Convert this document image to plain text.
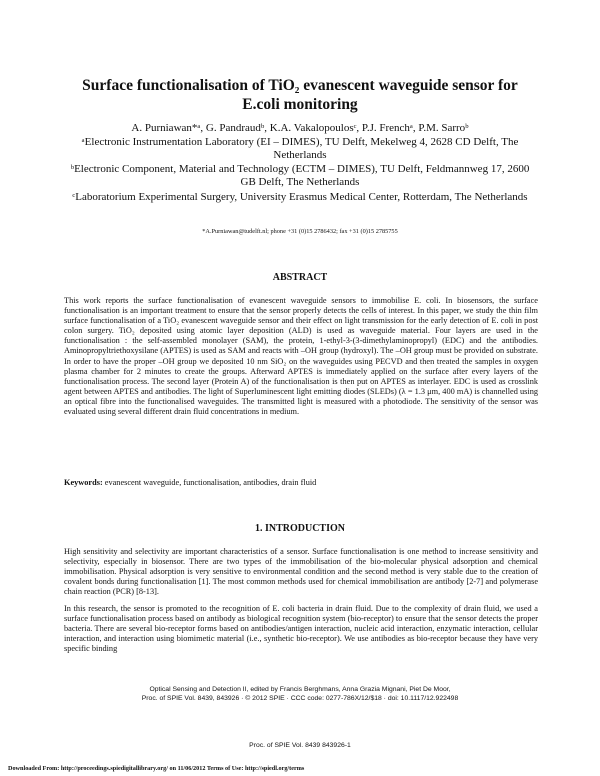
Surface functionalisation of TiO₂ evanescent waveguide sensor for
E.coli monitoring
A. Purniawan*ᵃ, G. Pandraudᵇ, K.A. Vakalopoulosᶜ, P.J. Frenchᵃ, P.M. Sarroᵇ
ᵃElectronic Instrumentation Laboratory (EI – DIMES), TU Delft, Mekelweg 4, 2628 CD Delft, The Netherlands
ᵇElectronic Component, Material and Technology (ECTM – DIMES), TU Delft, Feldmannweg 17, 2600 GB Delft, The Netherlands
ᶜLaboratorium Experimental Surgery, University Erasmus Medical Center, Rotterdam, The Netherlands
*A.Purniawan@tudelft.nl; phone +31 (0)15 2786432; fax +31 (0)15 2785755
ABSTRACT
This work reports the surface functionalisation of evanescent waveguide sensors to immobilise E. coli. In biosensors, the surface functionalisation is an important treatment to ensure that the sensor properly detects the cells of interest. In this paper, we study the thin film surface functionalisation of a TiO₂ evanescent waveguide sensor and their effect on light transmission for the early detection of E. coli in post colon surgery. TiO₂ deposited using atomic layer deposition (ALD) is used as waveguide material. Four layers are used in the functionalisation : the self-assembled monolayer (SAM), the protein, 1-ethyl-3-(3-dimethylaminopropyl) (EDC) and the antibodies. Aminopropyltriethoxysilane (APTES) is used as SAM and reacts with –OH group (hydroxyl). The –OH group must be provided on substrate. In order to have the proper –OH group we deposited 10 nm SiO₂ on the waveguides using PECVD and then treated the samples in oxygen plasma chamber for 2 minutes to create the groups. Afterward APTES is immediately applied on the surface after every layers of the functionalisation process. The second layer (Protein A) of the functionalisation is then put on APTES as interlayer. EDC is used as crosslink agent between APTES and antibodies. The light of Superluminescent light emitting diodes (SLEDs) (λ = 1.3 μm, 400 mA) is channelled using an optical fibre into the functionalised waveguides. The transmitted light is measured with a photodiode. The sensitivity of the sensor was evaluated using several different drain fluid concentrations in medium.
Keywords: evanescent waveguide, functionalisation, antibodies, drain fluid
1. INTRODUCTION
High sensitivity and selectivity are important characteristics of a sensor. Surface functionalisation is one method to increase sensitivity and selectivity, especially in biosensor. There are two types of the immobilisation of the bio-molecular physical adsorption and chemical immobilisation. Physical adsorption is very sensitive to environmental condition and the second method is very stable due to the creation of covalent bonds during functionalisation [1]. The most common methods used for chemical immobilisation are antibody [2-7] and polymerase chain reaction (PCR) [8-13].
In this research, the sensor is promoted to the recognition of E. coli bacteria in drain fluid. Due to the complexity of drain fluid, we used a surface functionalisation process based on antibody as biological recognition system (bio-receptor) to ensure that the sensor detects the proper bacteria. There are several bio-receptor forms based on antibodies/antigen interaction, nucleic acid interaction, enzymatic interaction, cellular interaction, and interaction using biomimetic material (i.e., synthetic bio-receptor). We use antibodies as bio-receptor because they have very specific binding
Optical Sensing and Detection II, edited by Francis Berghmans, Anna Grazia Mignani, Piet De Moor,
Proc. of SPIE Vol. 8439, 843926 · © 2012 SPIE · CCC code: 0277-786X/12/$18 · doi: 10.1117/12.922498
Proc. of SPIE Vol. 8439 843926-1
Downloaded From: http://proceedings.spiedigitallibrary.org/ on 11/06/2012 Terms of Use: http://spiedl.org/terms
